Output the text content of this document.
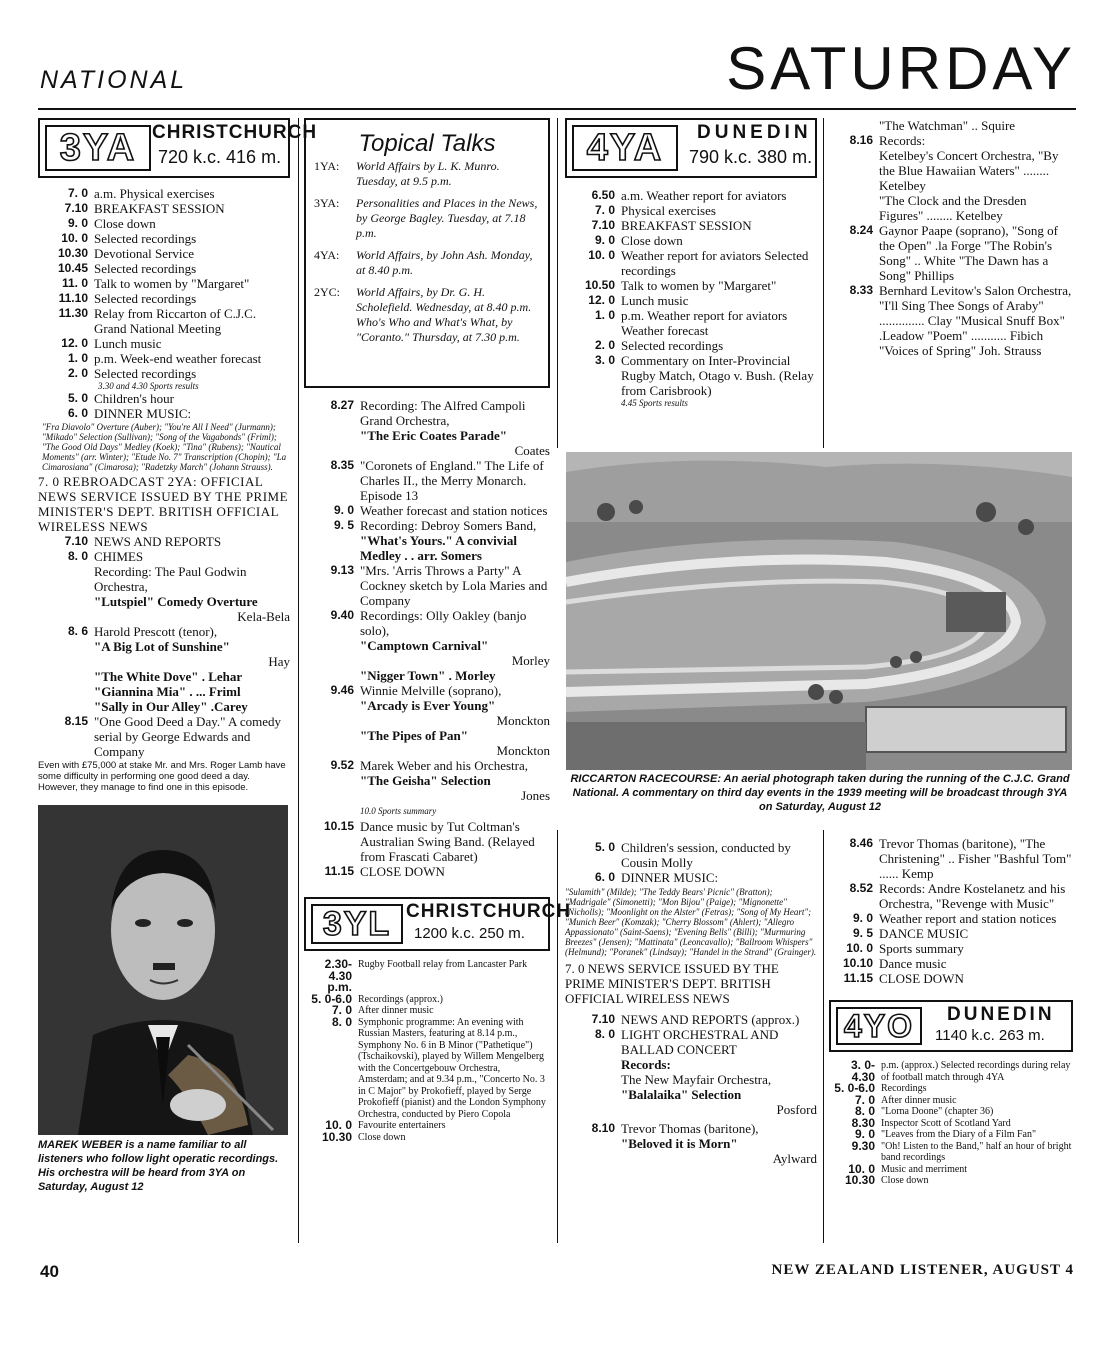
NATIONAL	SATURDAY
3YA CHRISTCHURCH
720 k.c. 416 m.
7. 0 a.m. Physical exercises
7.10 BREAKFAST SESSION
9. 0 Close down
10. 0 Selected recordings
10.30 Devotional Service
10.45 Selected recordings
11. 0 Talk to women by "Margaret"
11.10 Selected recordings
11.30 Relay from Riccarton of C.J.C. Grand National Meeting
12. 0 Lunch music
1. 0 p.m. Week-end weather forecast
2. 0 Selected recordings
3.30 and 4.30 Sports results
5. 0 Children's hour
6. 0 DINNER MUSIC:
"Fra Diavolo" Overture (Auber); "You're All I Need" (Jurmann); "Mikado" Selection (Sullivan); "Song of the Vagabonds" (Friml); "The Good Old Days" Medley (Koek); "Tina" (Rubens); "Nautical Moments" (arr. Winter); "Etude No. 7" Transcription (Chopin); "La Cimarosiana" (Cimarosa); "Radetzky March" (Johann Strauss).
7. 0 REBROADCAST 2YA: OFFICIAL NEWS SERVICE ISSUED BY THE PRIME MINISTER'S DEPT. BRITISH OFFICIAL WIRELESS NEWS
7.10 NEWS AND REPORTS
8. 0 CHIMES
Recording: The Paul Godwin Orchestra,
"Lutspiel" Comedy Overture
Kela-Bela
8. 6 Harold Prescott (tenor),
"A Big Lot of Sunshine"
Hay
"The White Dove" . Lehar
"Giannina Mia" . ... Friml
"Sally in Our Alley" .Carey
8.15 "One Good Deed a Day." A comedy serial by George Edwards and Company
Even with £75,000 at stake Mr. and Mrs. Roger Lamb have some difficulty in performing one good deed a day. However, they manage to find one in this episode.
MAREK WEBER is a name familiar to all listeners who follow light operatic recordings. His orchestra will be heard from 3YA on Saturday, August 12
Topical Talks
1YA:	World Affairs by L. K. Munro. Tuesday, at 9.5 p.m.
3YA:	Personalities and Places in the News, by George Bagley. Tuesday, at 7.18 p.m.
4YA:	World Affairs, by John Ash. Monday, at 8.40 p.m.
2YC:	World Affairs, by Dr. G. H. Scholefield. Wednesday, at 8.40 p.m. Who's Who and What's What, by "Coranto." Thursday, at 7.30 p.m.
8.27 Recording: The Alfred Campoli Grand Orchestra,
"The Eric Coates Parade"
Coates
8.35 "Coronets of England." The Life of Charles II., the Merry Monarch. Episode 13
9. 0 Weather forecast and station notices
9. 5 Recording: Debroy Somers Band,
"What's Yours." A convivial Medley . . arr. Somers
9.13 "Mrs. 'Arris Throws a Party" A Cockney sketch by Lola Maries and Company
9.40 Recordings: Olly Oakley (banjo solo),
"Camptown Carnival"
Morley
"Nigger Town" . Morley
9.46 Winnie Melville (soprano),
"Arcady is Ever Young"
Monckton
"The Pipes of Pan"
Monckton
9.52 Marek Weber and his Orchestra,
"The Geisha" Selection
Jones
10.0 Sports summary
10.15 Dance music by Tut Coltman's Australian Swing Band. (Relayed from Frascati Cabaret)
11.15 CLOSE DOWN
3YL CHRISTCHURCH
1200 k.c. 250 m.
2.30-4.30 p.m.
Rugby Football relay from Lancaster Park
5. 0-6.0 Recordings (approx.)
7. 0 After dinner music
8. 0 Symphonic programme: An evening with Russian Masters, featuring at 8.14 p.m., Symphony No. 6 in B Minor ("Pathetique") (Tschaikovski), played by Willem Mengelberg with the Concertgebouw Orchestra, Amsterdam; and at 9.34 p.m., "Concerto No. 3 in C Major" by Prokofieff, played by Serge Prokofieff (pianist) and the London Symphony Orchestra, conducted by Piero Copola
10. 0 Favourite entertainers
10.30 Close down
4YA	DUNEDIN
790 k.c. 380 m.
6.50 a.m. Weather report for aviators
7. 0 Physical exercises
7.10 BREAKFAST SESSION
9. 0 Close down
10. 0 Weather report for aviators Selected recordings
10.50 Talk to women by "Margaret"
12. 0 Lunch music
1. 0 p.m. Weather report for aviators Weather forecast
2. 0 Selected recordings
3. 0 Commentary on Inter-Provincial Rugby Match, Otago v. Bush. (Relay from Carisbrook)
4.45 Sports results
"The Watchman" .. Squire
8.16 Records:
Ketelbey's Concert Orchestra, "By the Blue Hawaiian Waters" ........ Ketelbey
"The Clock and the Dresden Figures" ........ Ketelbey
8.24 Gaynor Paape (soprano), "Song of the Open" .la Forge "The Robin's Song" .. White "The Dawn has a Song" Phillips
8.33 Bernhard Levitow's Salon Orchestra, "I'll Sing Thee Songs of Araby" .............. Clay "Musical Snuff Box" .Leadow "Poem" ........... Fibich "Voices of Spring" Joh. Strauss
RICCARTON RACECOURSE: An aerial photograph taken during the running of the C.J.C. Grand National. A commentary on third day events in the 1939 meeting will be broadcast through 3YA on Saturday, August 12
5. 0 Children's session, conducted by Cousin Molly
6. 0 DINNER MUSIC:
"Sulamith" (Milde); "The Teddy Bears' Picnic" (Bratton); "Madrigale" (Simonetti); "Mon Bijou" (Paige); "Mignonette" (Nicholls); "Moonlight on the Alster" (Fetras); "Song of My Heart"; "Munich Beer" (Komzak); "Cherry Blossom" (Ahlert); "Allegro Appassionato" (Saint-Saens); "Evening Bells" (Billi); "Murmuring Breezes" (Jensen); "Mattinata" (Leoncavallo); "Ballroom Whispers" (Helmund); "Poranek" (Lindsay); "Handel in the Strand" (Grainger).
7. 0 NEWS SERVICE ISSUED BY THE PRIME MINISTER'S DEPT. BRITISH OFFICIAL WIRELESS NEWS
7.10 NEWS AND REPORTS (approx.)
8. 0 LIGHT ORCHESTRAL AND BALLAD CONCERT
Records:
The New Mayfair Orchestra,
"Balalaika" Selection
Posford
8.10 Trevor Thomas (baritone),
"Beloved it is Morn"
Aylward
8.46 Trevor Thomas (baritone), "The Christening" .. Fisher "Bashful Tom" ...... Kemp
8.52 Records: Andre Kostelanetz and his Orchestra, "Revenge with Music"
9. 0 Weather report and station notices
9. 5 DANCE MUSIC
10. 0 Sports summary
10.10 Dance music
11.15 CLOSE DOWN
4YO	DUNEDIN
1140 k.c. 263 m.
3. 0-4.30
p.m. (approx.) Selected recordings during relay of football match through 4YA
5. 0-6.0 Recordings
7. 0 After dinner music
8. 0 "Lorna Doone" (chapter 36)
8.30 Inspector Scott of Scotland Yard
9. 0 "Leaves from the Diary of a Film Fan"
9.30 "Oh! Listen to the Band," half an hour of bright band recordings
10. 0 Music and merriment
10.30 Close down
40	NEW ZEALAND LISTENER, AUGUST 4
